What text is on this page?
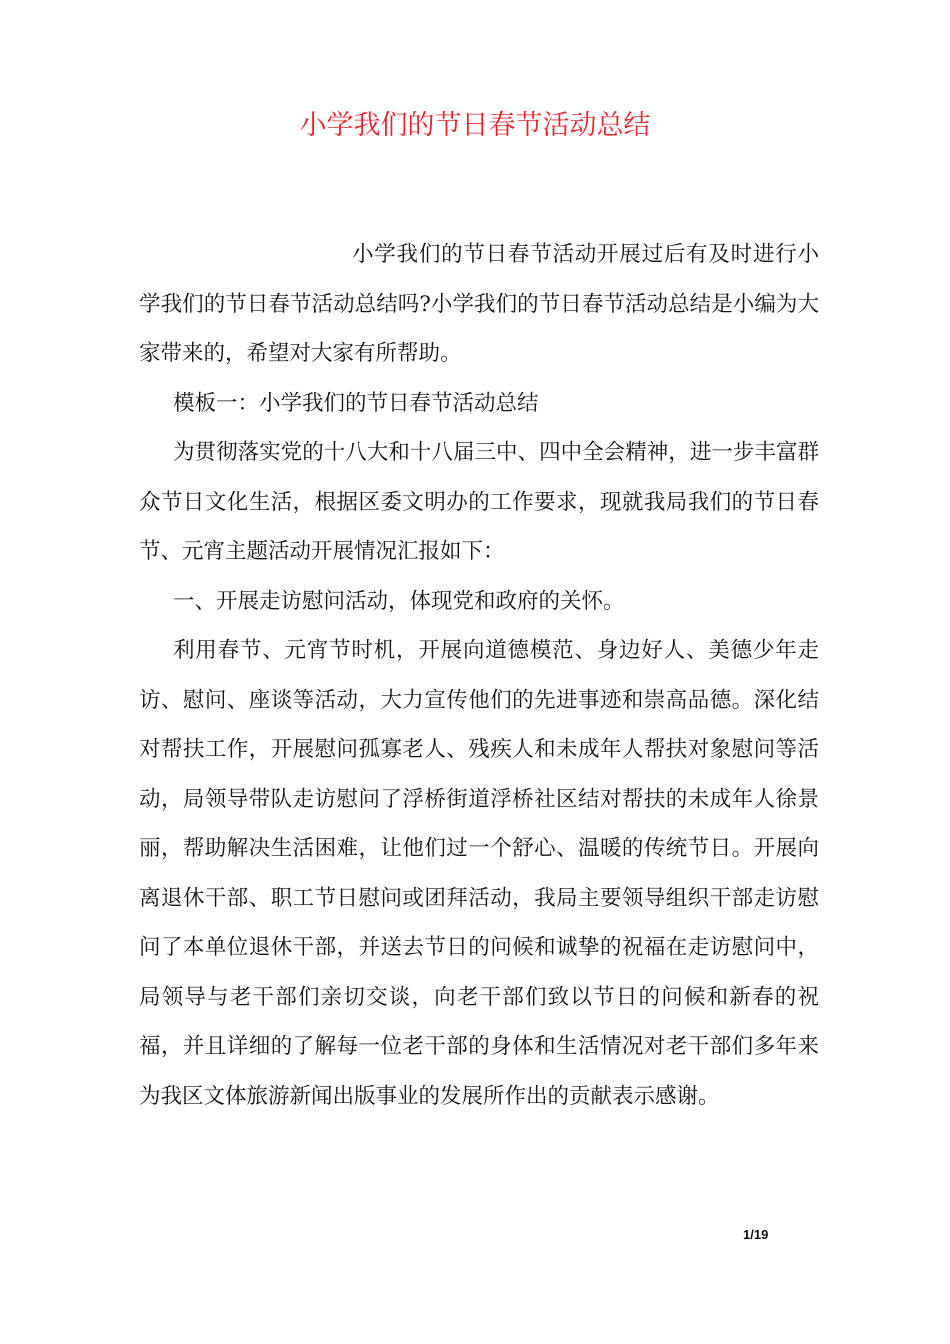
小学我们的节日春节活动总结

小学我们的节日春节活动开展过后有及时进行小学我们的节日春节活动总结吗?小学我们的节日春节活动总结是小编为大家带来的，希望对大家有所帮助。

模板一：小学我们的节日春节活动总结

为贯彻落实党的十八大和十八届三中、四中全会精神，进一步丰富群众节日文化生活，根据区委文明办的工作要求，现就我局我们的节日春节、元宵主题活动开展情况汇报如下：

一、开展走访慰问活动，体现党和政府的关怀。

利用春节、元宵节时机，开展向道德模范、身边好人、美德少年走访、慰问、座谈等活动，大力宣传他们的先进事迹和崇高品德。深化结对帮扶工作，开展慰问孤寡老人、残疾人和未成年人帮扶对象慰问等活动，局领导带队走访慰问了浮桥街道浮桥社区结对帮扶的未成年人徐景丽，帮助解决生活困难，让他们过一个舒心、温暖的传统节日。开展向离退休干部、职工节日慰问或团拜活动，我局主要领导组织干部走访慰问了本单位退休干部，并送去节日的问候和诚挚的祝福在走访慰问中，局领导与老干部们亲切交谈，向老干部们致以节日的问候和新春的祝福，并且详细的了解每一位老干部的身体和生活情况对老干部们多年来为我区文体旅游新闻出版事业的发展所作出的贡献表示感谢。

1/19
